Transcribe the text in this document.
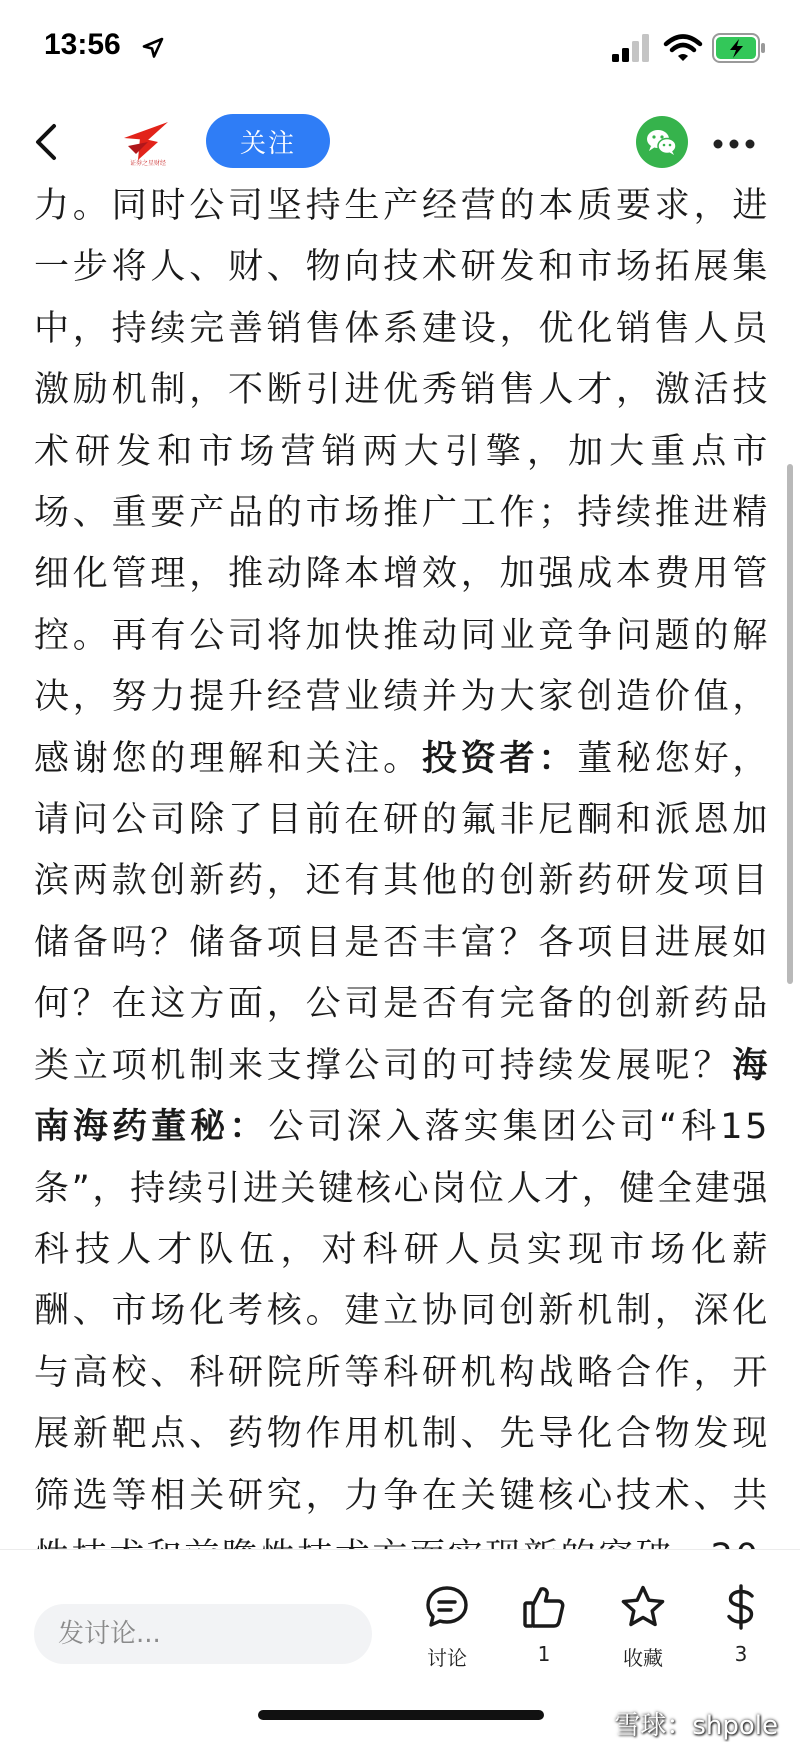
13:56
证券之星财经
关注
力。同时公司坚持生产经营的本质要求，进一步将人、财、物向技术研发和市场拓展集中，持续完善销售体系建设，优化销售人员激励机制，不断引进优秀销售人才，激活技术研发和市场营销两大引擎，加大重点市场、重要产品的市场推广工作；持续推进精细化管理，推动降本增效，加强成本费用管控。再有公司将加快推动同业竞争问题的解决，努力提升经营业绩并为大家创造价值，感谢您的理解和关注。投资者：董秘您好，请问公司除了目前在研的氟非尼酮和派恩加滨两款创新药，还有其他的创新药研发项目储备吗？储备项目是否丰富？各项目进展如何？在这方面，公司是否有完备的创新药品类立项机制来支撑公司的可持续发展呢？海南海药董秘：公司深入落实集团公司“科15条”，持续引进关键核心岗位人才，健全建强科技人才队伍，对科研人员实现市场化薪酬、市场化考核。建立协同创新机制，深化与高校、科研院所等科研机构战略合作，开展新靶点、药物作用机制、先导化合物发现筛选等相关研究，力争在关键核心技术、共
发讨论...
讨论	1	收藏	3
雪球：shpole
